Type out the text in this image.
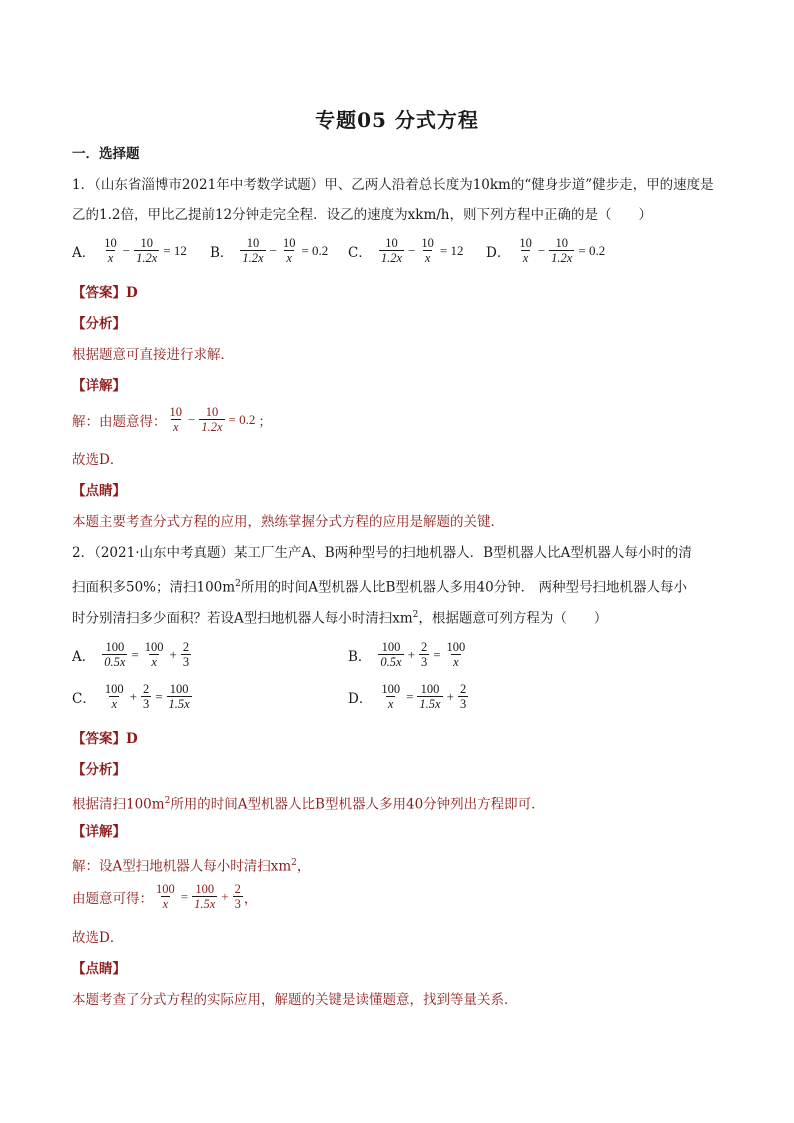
专题05 分式方程
一．选择题
1．（山东省淄博市2021年中考数学试题）甲、乙两人沿着总长度为10km的“健身步道”健步走，甲的速度是
乙的1.2倍，甲比乙提前12分钟走完全程．设乙的速度为xkm/h，则下列方程中正确的是（　　）
A． $\frac{10}{x} - \frac{10}{1.2x} = 12$ B． $\frac{10}{1.2x} - \frac{10}{x} = 0.2$ C． $\frac{10}{1.2x} - \frac{10}{x} = 12$ D． $\frac{10}{x} - \frac{10}{1.2x} = 0.2$
【答案】D
【分析】
根据题意可直接进行求解．
【详解】
解：由题意得： $\frac{10}{x} - \frac{10}{1.2x} = 0.2$ ；
故选D．
【点睛】
本题主要考查分式方程的应用，熟练掌握分式方程的应用是解题的关键．
2．（2021·山东中考真题）某工厂生产A、B两种型号的扫地机器人．B型机器人比A型机器人每小时的清
扫面积多50%；清扫$100m^2$所用的时间A型机器人比B型机器人多用40分钟． 两种型号扫地机器人每小
时分别清扫多少面积？若设A型扫地机器人每小时清扫$xm^2$，根据题意可列方程为（　　）
A． $\frac{100}{0.5x} = \frac{100}{x} + \frac{2}{3}$	B． $\frac{100}{0.5x} + \frac{2}{3} = \frac{100}{x}$
C． $\frac{100}{x} + \frac{2}{3} = \frac{100}{1.5x}$	D． $\frac{100}{x} = \frac{100}{1.5x} + \frac{2}{3}$
【答案】D
【分析】
根据清扫$100m^2$所用的时间A型机器人比B型机器人多用40分钟列出方程即可．
【详解】
解：设A型扫地机器人每小时清扫$xm^2$，
由题意可得： $\frac{100}{x} = \frac{100}{1.5x} + \frac{2}{3}$ ，
故选D．
【点睛】
本题考查了分式方程的实际应用，解题的关键是读懂题意，找到等量关系．
